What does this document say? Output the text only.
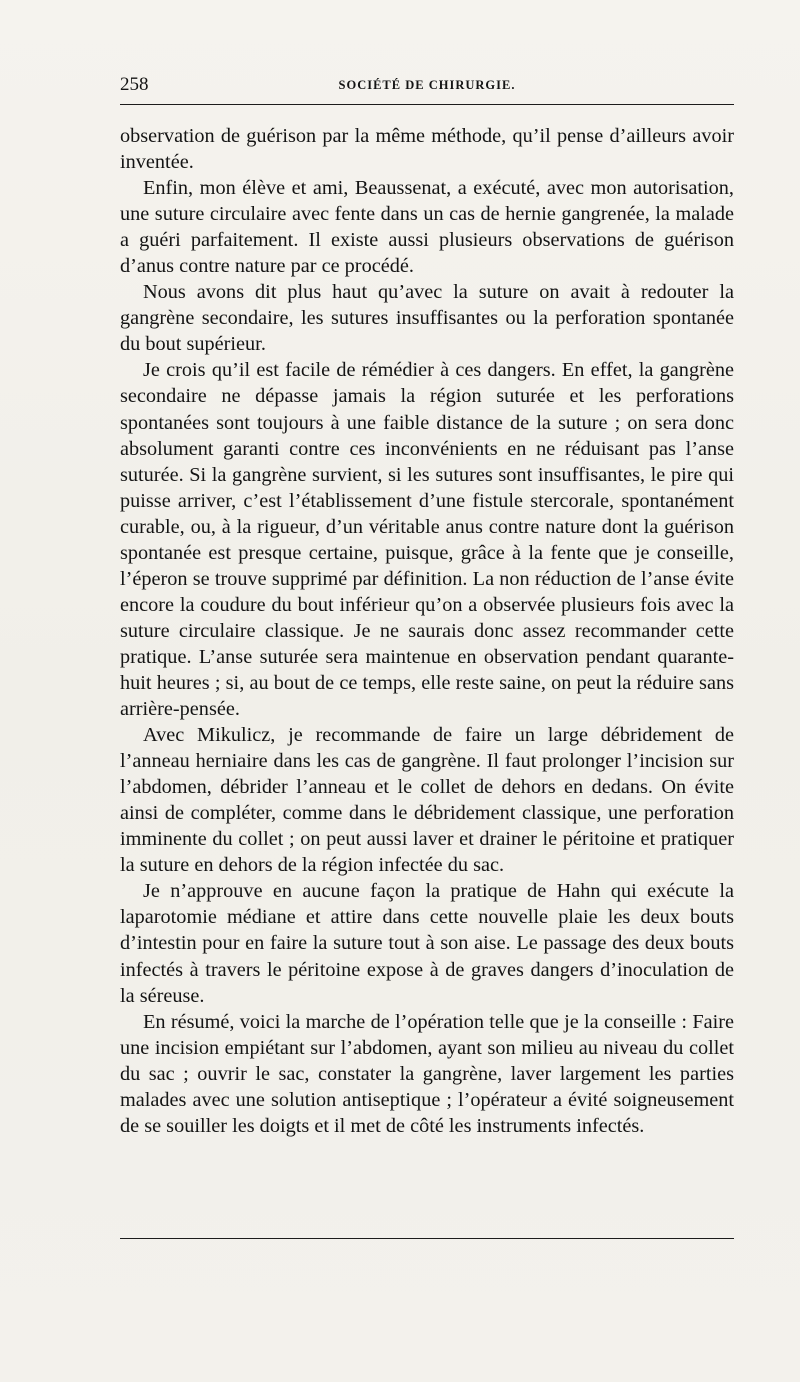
258	SOCIÉTÉ DE CHIRURGIE.

observation de guérison par la même méthode, qu’il pense d’ailleurs avoir inventée.

Enfin, mon élève et ami, Beaussenat, a exécuté, avec mon autorisation, une suture circulaire avec fente dans un cas de hernie gangrenée, la malade a guéri parfaitement. Il existe aussi plusieurs observations de guérison d’anus contre nature par ce procédé.

Nous avons dit plus haut qu’avec la suture on avait à redouter la gangrène secondaire, les sutures insuffisantes ou la perforation spontanée du bout supérieur.

Je crois qu’il est facile de rémédier à ces dangers. En effet, la gangrène secondaire ne dépasse jamais la région suturée et les perforations spontanées sont toujours à une faible distance de la suture ; on sera donc absolument garanti contre ces inconvénients en ne réduisant pas l’anse suturée. Si la gangrène survient, si les sutures sont insuffisantes, le pire qui puisse arriver, c’est l’établissement d’une fistule stercorale, spontanément curable, ou, à la rigueur, d’un véritable anus contre nature dont la guérison spontanée est presque certaine, puisque, grâce à la fente que je conseille, l’éperon se trouve supprimé par définition. La non réduction de l’anse évite encore la coudure du bout inférieur qu’on a observée plusieurs fois avec la suture circulaire classique. Je ne saurais donc assez recommander cette pratique. L’anse suturée sera maintenue en observation pendant quarante-huit heures ; si, au bout de ce temps, elle reste saine, on peut la réduire sans arrière-pensée.

Avec Mikulicz, je recommande de faire un large débridement de l’anneau herniaire dans les cas de gangrène. Il faut prolonger l’incision sur l’abdomen, débrider l’anneau et le collet de dehors en dedans. On évite ainsi de compléter, comme dans le débridement classique, une perforation imminente du collet ; on peut aussi laver et drainer le péritoine et pratiquer la suture en dehors de la région infectée du sac.

Je n’approuve en aucune façon la pratique de Hahn qui exécute la laparotomie médiane et attire dans cette nouvelle plaie les deux bouts d’intestin pour en faire la suture tout à son aise. Le passage des deux bouts infectés à travers le péritoine expose à de graves dangers d’inoculation de la séreuse.

En résumé, voici la marche de l’opération telle que je la conseille : Faire une incision empiétant sur l’abdomen, ayant son milieu au niveau du collet du sac ; ouvrir le sac, constater la gangrène, laver largement les parties malades avec une solution antiseptique ; l’opérateur a évité soigneusement de se souiller les doigts et il met de côté les instruments infectés.
